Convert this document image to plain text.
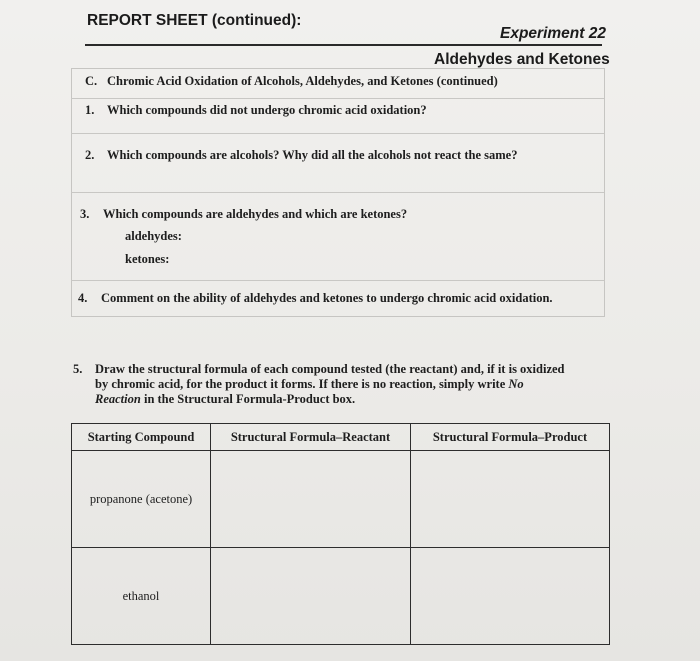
REPORT SHEET (continued):
Experiment 22
Aldehydes and Ketones
C. Chromic Acid Oxidation of Alcohols, Aldehydes, and Ketones (continued)
1. Which compounds did not undergo chromic acid oxidation?
2. Which compounds are alcohols? Why did all the alcohols not react the same?
3. Which compounds are aldehydes and which are ketones?
aldehydes:
ketones:
4. Comment on the ability of aldehydes and ketones to undergo chromic acid oxidation.
5. Draw the structural formula of each compound tested (the reactant) and, if it is oxidized
by chromic acid, for the product it forms. If there is no reaction, simply write No
Reaction in the Structural Formula-Product box.
Starting Compound	Structural Formula–Reactant	Structural Formula–Product
propanone (acetone)		
ethanol		
